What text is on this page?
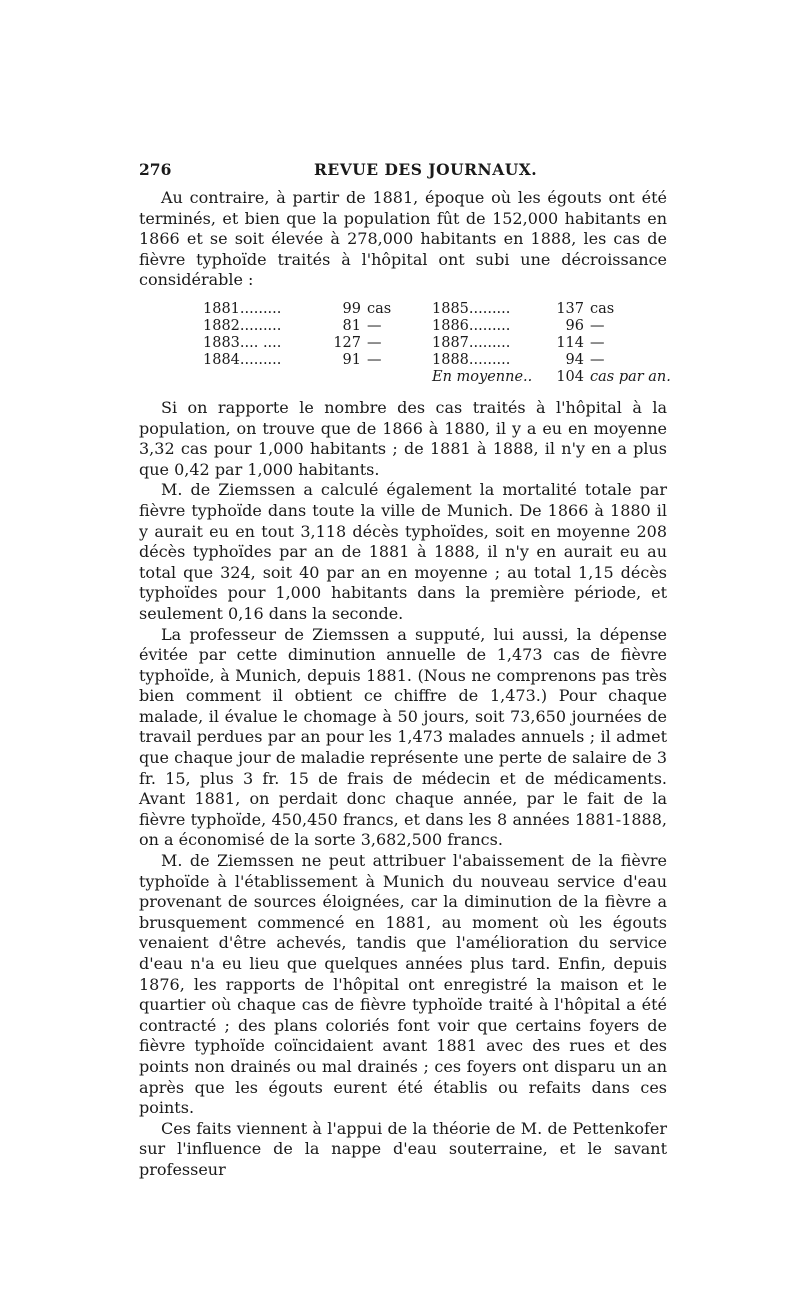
276	REVUE DES JOURNAUX.

Au contraire, à partir de 1881, époque où les égouts ont été terminés, et bien que la population fût de 152,000 habitants en 1866 et se soit élevée à 278,000 habitants en 1888, les cas de fièvre typhoïde traités à l'hôpital ont subi une décroissance considérable :

1881.........	99 cas
1882.........	81 —
1883.... ....	127 —
1884.........	91 —
1885.........	137 cas
1886.........	96 —
1887.........	114 —
1888.........	94 —
En moyenne..	104 cas par an.

Si on rapporte le nombre des cas traités à l'hôpital à la population, on trouve que de 1866 à 1880, il y a eu en moyenne 3,32 cas pour 1,000 habitants ; de 1881 à 1888, il n'y en a plus que 0,42 par 1,000 habitants.

M. de Ziemssen a calculé également la mortalité totale par fièvre typhoïde dans toute la ville de Munich. De 1866 à 1880 il y aurait eu en tout 3,118 décès typhoïdes, soit en moyenne 208 décès typhoïdes par an de 1881 à 1888, il n'y en aurait eu au total que 324, soit 40 par an en moyenne ; au total 1,15 décès typhoïdes pour 1,000 habitants dans la première période, et seulement 0,16 dans la seconde.

La professeur de Ziemssen a supputé, lui aussi, la dépense évitée par cette diminution annuelle de 1,473 cas de fièvre typhoïde, à Munich, depuis 1881. (Nous ne comprenons pas très bien comment il obtient ce chiffre de 1,473.) Pour chaque malade, il évalue le chomage à 50 jours, soit 73,650 journées de travail perdues par an pour les 1,473 malades annuels ; il admet que chaque jour de maladie représente une perte de salaire de 3 fr. 15, plus 3 fr. 15 de frais de médecin et de médicaments. Avant 1881, on perdait donc chaque année, par le fait de la fièvre typhoïde, 450,450 francs, et dans les 8 années 1881-1888, on a économisé de la sorte 3,682,500 francs.

M. de Ziemssen ne peut attribuer l'abaissement de la fièvre typhoïde à l'établissement à Munich du nouveau service d'eau provenant de sources éloignées, car la diminution de la fièvre a brusquement commencé en 1881, au moment où les égouts venaient d'être achevés, tandis que l'amélioration du service d'eau n'a eu lieu que quelques années plus tard. Enfin, depuis 1876, les rapports de l'hôpital ont enregistré la maison et le quartier où chaque cas de fièvre typhoïde traité à l'hôpital a été contracté ; des plans coloriés font voir que certains foyers de fièvre typhoïde coïncidaient avant 1881 avec des rues et des points non drainés ou mal drainés ; ces foyers ont disparu un an après que les égouts eurent été établis ou refaits dans ces points.

Ces faits viennent à l'appui de la théorie de M. de Pettenkofer sur l'influence de la nappe d'eau souterraine, et le savant professeur
